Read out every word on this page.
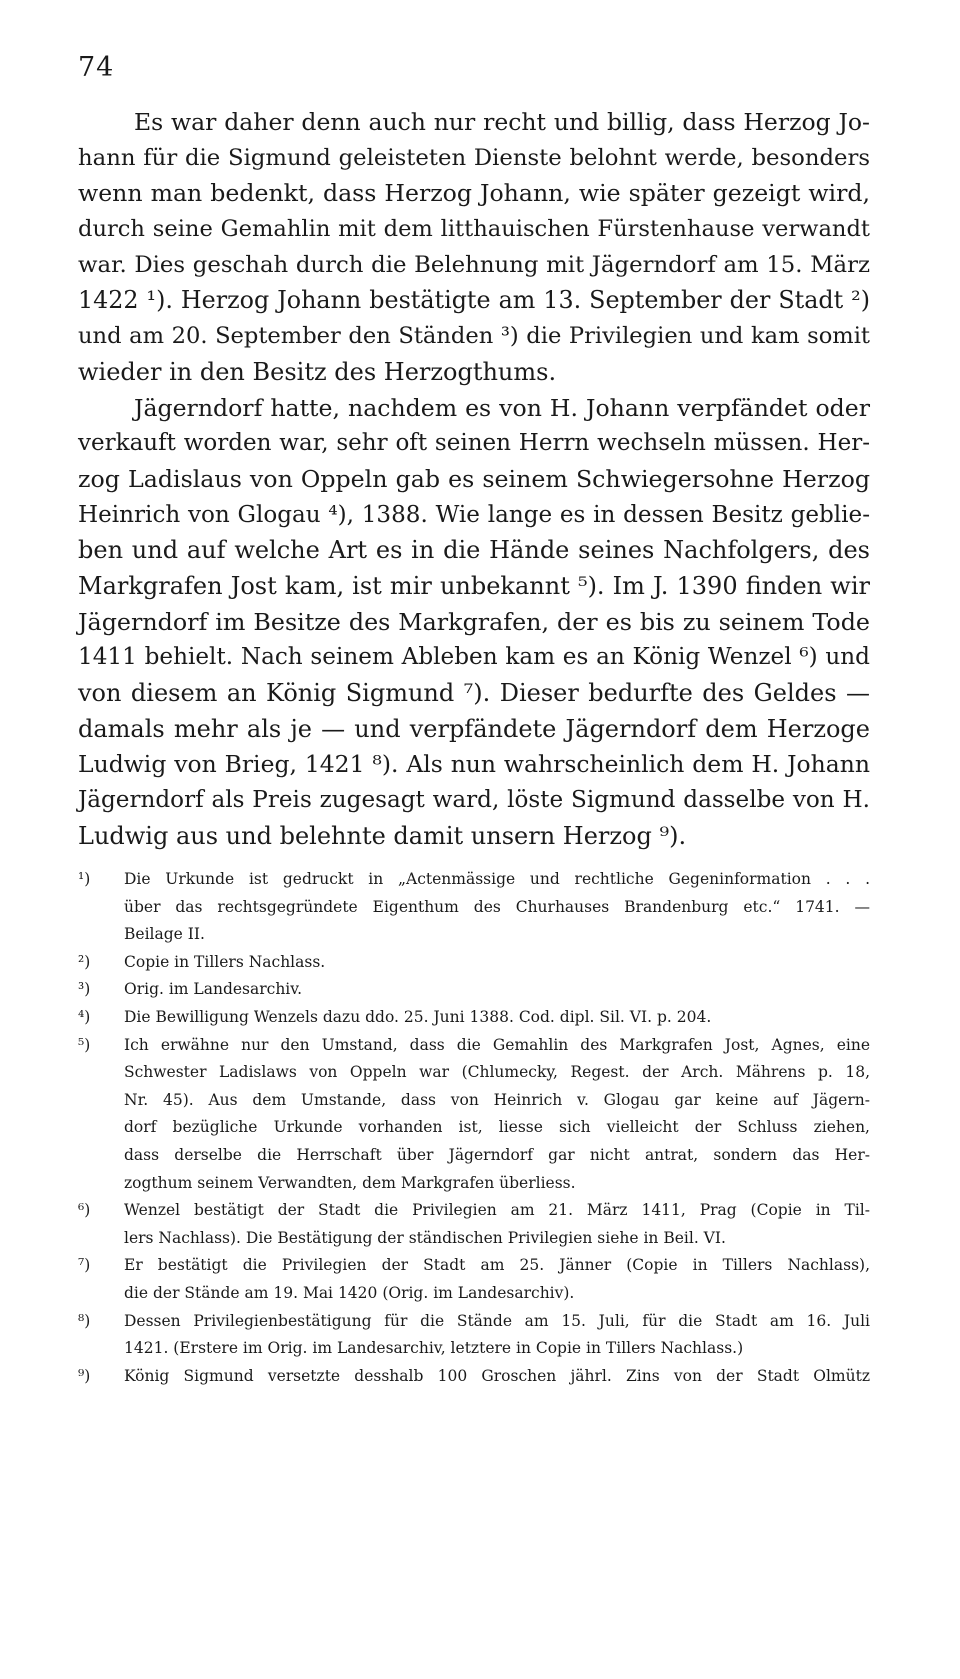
74
Es war daher denn auch nur recht und billig, dass Herzog Jo-
hann für die Sigmund geleisteten Dienste belohnt werde, besonders
wenn man bedenkt, dass Herzog Johann, wie später gezeigt wird,
durch seine Gemahlin mit dem litthauischen Fürstenhause verwandt
war. Dies geschah durch die Belehnung mit Jägerndorf am 15. März
1422 ¹). Herzog Johann bestätigte am 13. September der Stadt ²)
und am 20. September den Ständen ³) die Privilegien und kam somit
wieder in den Besitz des Herzogthums.
Jägerndorf hatte, nachdem es von H. Johann verpfändet oder
verkauft worden war, sehr oft seinen Herrn wechseln müssen. Her-
zog Ladislaus von Oppeln gab es seinem Schwiegersohne Herzog
Heinrich von Glogau ⁴), 1388. Wie lange es in dessen Besitz geblie-
ben und auf welche Art es in die Hände seines Nachfolgers, des
Markgrafen Jost kam, ist mir unbekannt ⁵). Im J. 1390 finden wir
Jägerndorf im Besitze des Markgrafen, der es bis zu seinem Tode
1411 behielt. Nach seinem Ableben kam es an König Wenzel ⁶) und
von diesem an König Sigmund ⁷). Dieser bedurfte des Geldes —
damals mehr als je — und verpfändete Jägerndorf dem Herzoge
Ludwig von Brieg, 1421 ⁸). Als nun wahrscheinlich dem H. Johann
Jägerndorf als Preis zugesagt ward, löste Sigmund dasselbe von H.
Ludwig aus und belehnte damit unsern Herzog ⁹).
¹) Die Urkunde ist gedruckt in „Actenmässige und rechtliche Gegeninformation . . .
über das rechtsgegründete Eigenthum des Churhauses Brandenburg etc.“ 1741. —
Beilage II.
²) Copie in Tillers Nachlass.
³) Orig. im Landesarchiv.
⁴) Die Bewilligung Wenzels dazu ddo. 25. Juni 1388. Cod. dipl. Sil. VI. p. 204.
⁵) Ich erwähne nur den Umstand, dass die Gemahlin des Markgrafen Jost, Agnes, eine
Schwester Ladislaws von Oppeln war (Chlumecky, Regest. der Arch. Mährens p. 18,
Nr. 45). Aus dem Umstande, dass von Heinrich v. Glogau gar keine auf Jägern-
dorf bezügliche Urkunde vorhanden ist, liesse sich vielleicht der Schluss ziehen,
dass derselbe die Herrschaft über Jägerndorf gar nicht antrat, sondern das Her-
zogthum seinem Verwandten, dem Markgrafen überliess.
⁶) Wenzel bestätigt der Stadt die Privilegien am 21. März 1411, Prag (Copie in Til-
lers Nachlass). Die Bestätigung der ständischen Privilegien siehe in Beil. VI.
⁷) Er bestätigt die Privilegien der Stadt am 25. Jänner (Copie in Tillers Nachlass),
die der Stände am 19. Mai 1420 (Orig. im Landesarchiv).
⁸) Dessen Privilegienbestätigung für die Stände am 15. Juli, für die Stadt am 16. Juli
1421. (Erstere im Orig. im Landesarchiv, letztere in Copie in Tillers Nachlass.)
⁹) König Sigmund versetzte desshalb 100 Groschen jährl. Zins von der Stadt Olmütz
